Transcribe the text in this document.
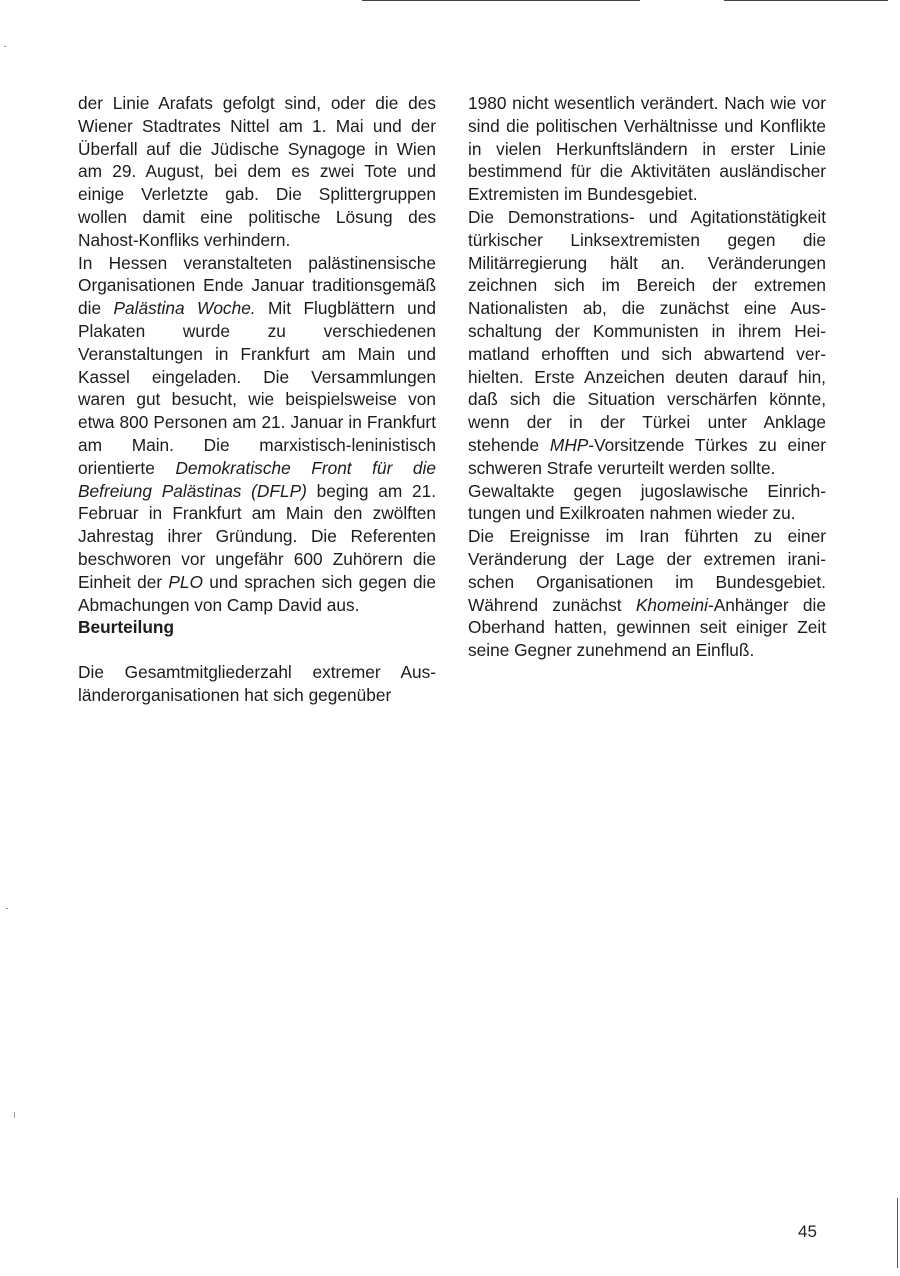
der Linie Arafats gefolgt sind, oder die des Wiener Stadtrates Nittel am 1. Mai und der Überfall auf die Jüdische Synagoge in Wien am 29. August, bei dem es zwei Tote und einige Verletzte gab. Die Splittergruppen wollen damit eine politische Lösung des Nahost-Konfliks verhindern.

In Hessen veranstalteten palästinensische Organisationen Ende Januar traditionsgemäß die Palästina Woche. Mit Flugblättern und Plakaten wurde zu verschiedenen Veranstaltungen in Frankfurt am Main und Kassel eingeladen. Die Versammlungen waren gut besucht, wie beispielsweise von etwa 800 Personen am 21. Januar in Frankfurt am Main. Die marxistisch-leninistisch orientierte Demokratische Front für die Befreiung Palästinas (DFLP) beging am 21. Februar in Frankfurt am Main den zwölften Jahrestag ihrer Gründung. Die Referenten beschworen vor ungefähr 600 Zuhörern die Einheit der PLO und sprachen sich gegen die Abmachungen von Camp David aus.

Beurteilung

Die Gesamtmitgliederzahl extremer Ausländerorganisationen hat sich gegenüber

1980 nicht wesentlich verändert. Nach wie vor sind die politischen Verhältnisse und Konflikte in vielen Herkunftsländern in erster Linie bestimmend für die Aktivitäten ausländischer Extremisten im Bundesgebiet.

Die Demonstrations- und Agitationstätigkeit türkischer Linksextremisten gegen die Militärregierung hält an. Veränderungen zeichnen sich im Bereich der extremen Nationalisten ab, die zunächst eine Ausschaltung der Kommunisten in ihrem Heimatland erhofften und sich abwartend verhielten. Erste Anzeichen deuten darauf hin, daß sich die Situation verschärfen könnte, wenn der in der Türkei unter Anklage stehende MHP-Vorsitzende Türkes zu einer schweren Strafe verurteilt werden sollte.

Gewaltakte gegen jugoslawische Einrichtungen und Exilkroaten nahmen wieder zu.

Die Ereignisse im Iran führten zu einer Veränderung der Lage der extremen iranischen Organisationen im Bundesgebiet. Während zunächst Khomeini-Anhänger die Oberhand hatten, gewinnen seit einiger Zeit seine Gegner zunehmend an Einfluß.

45
